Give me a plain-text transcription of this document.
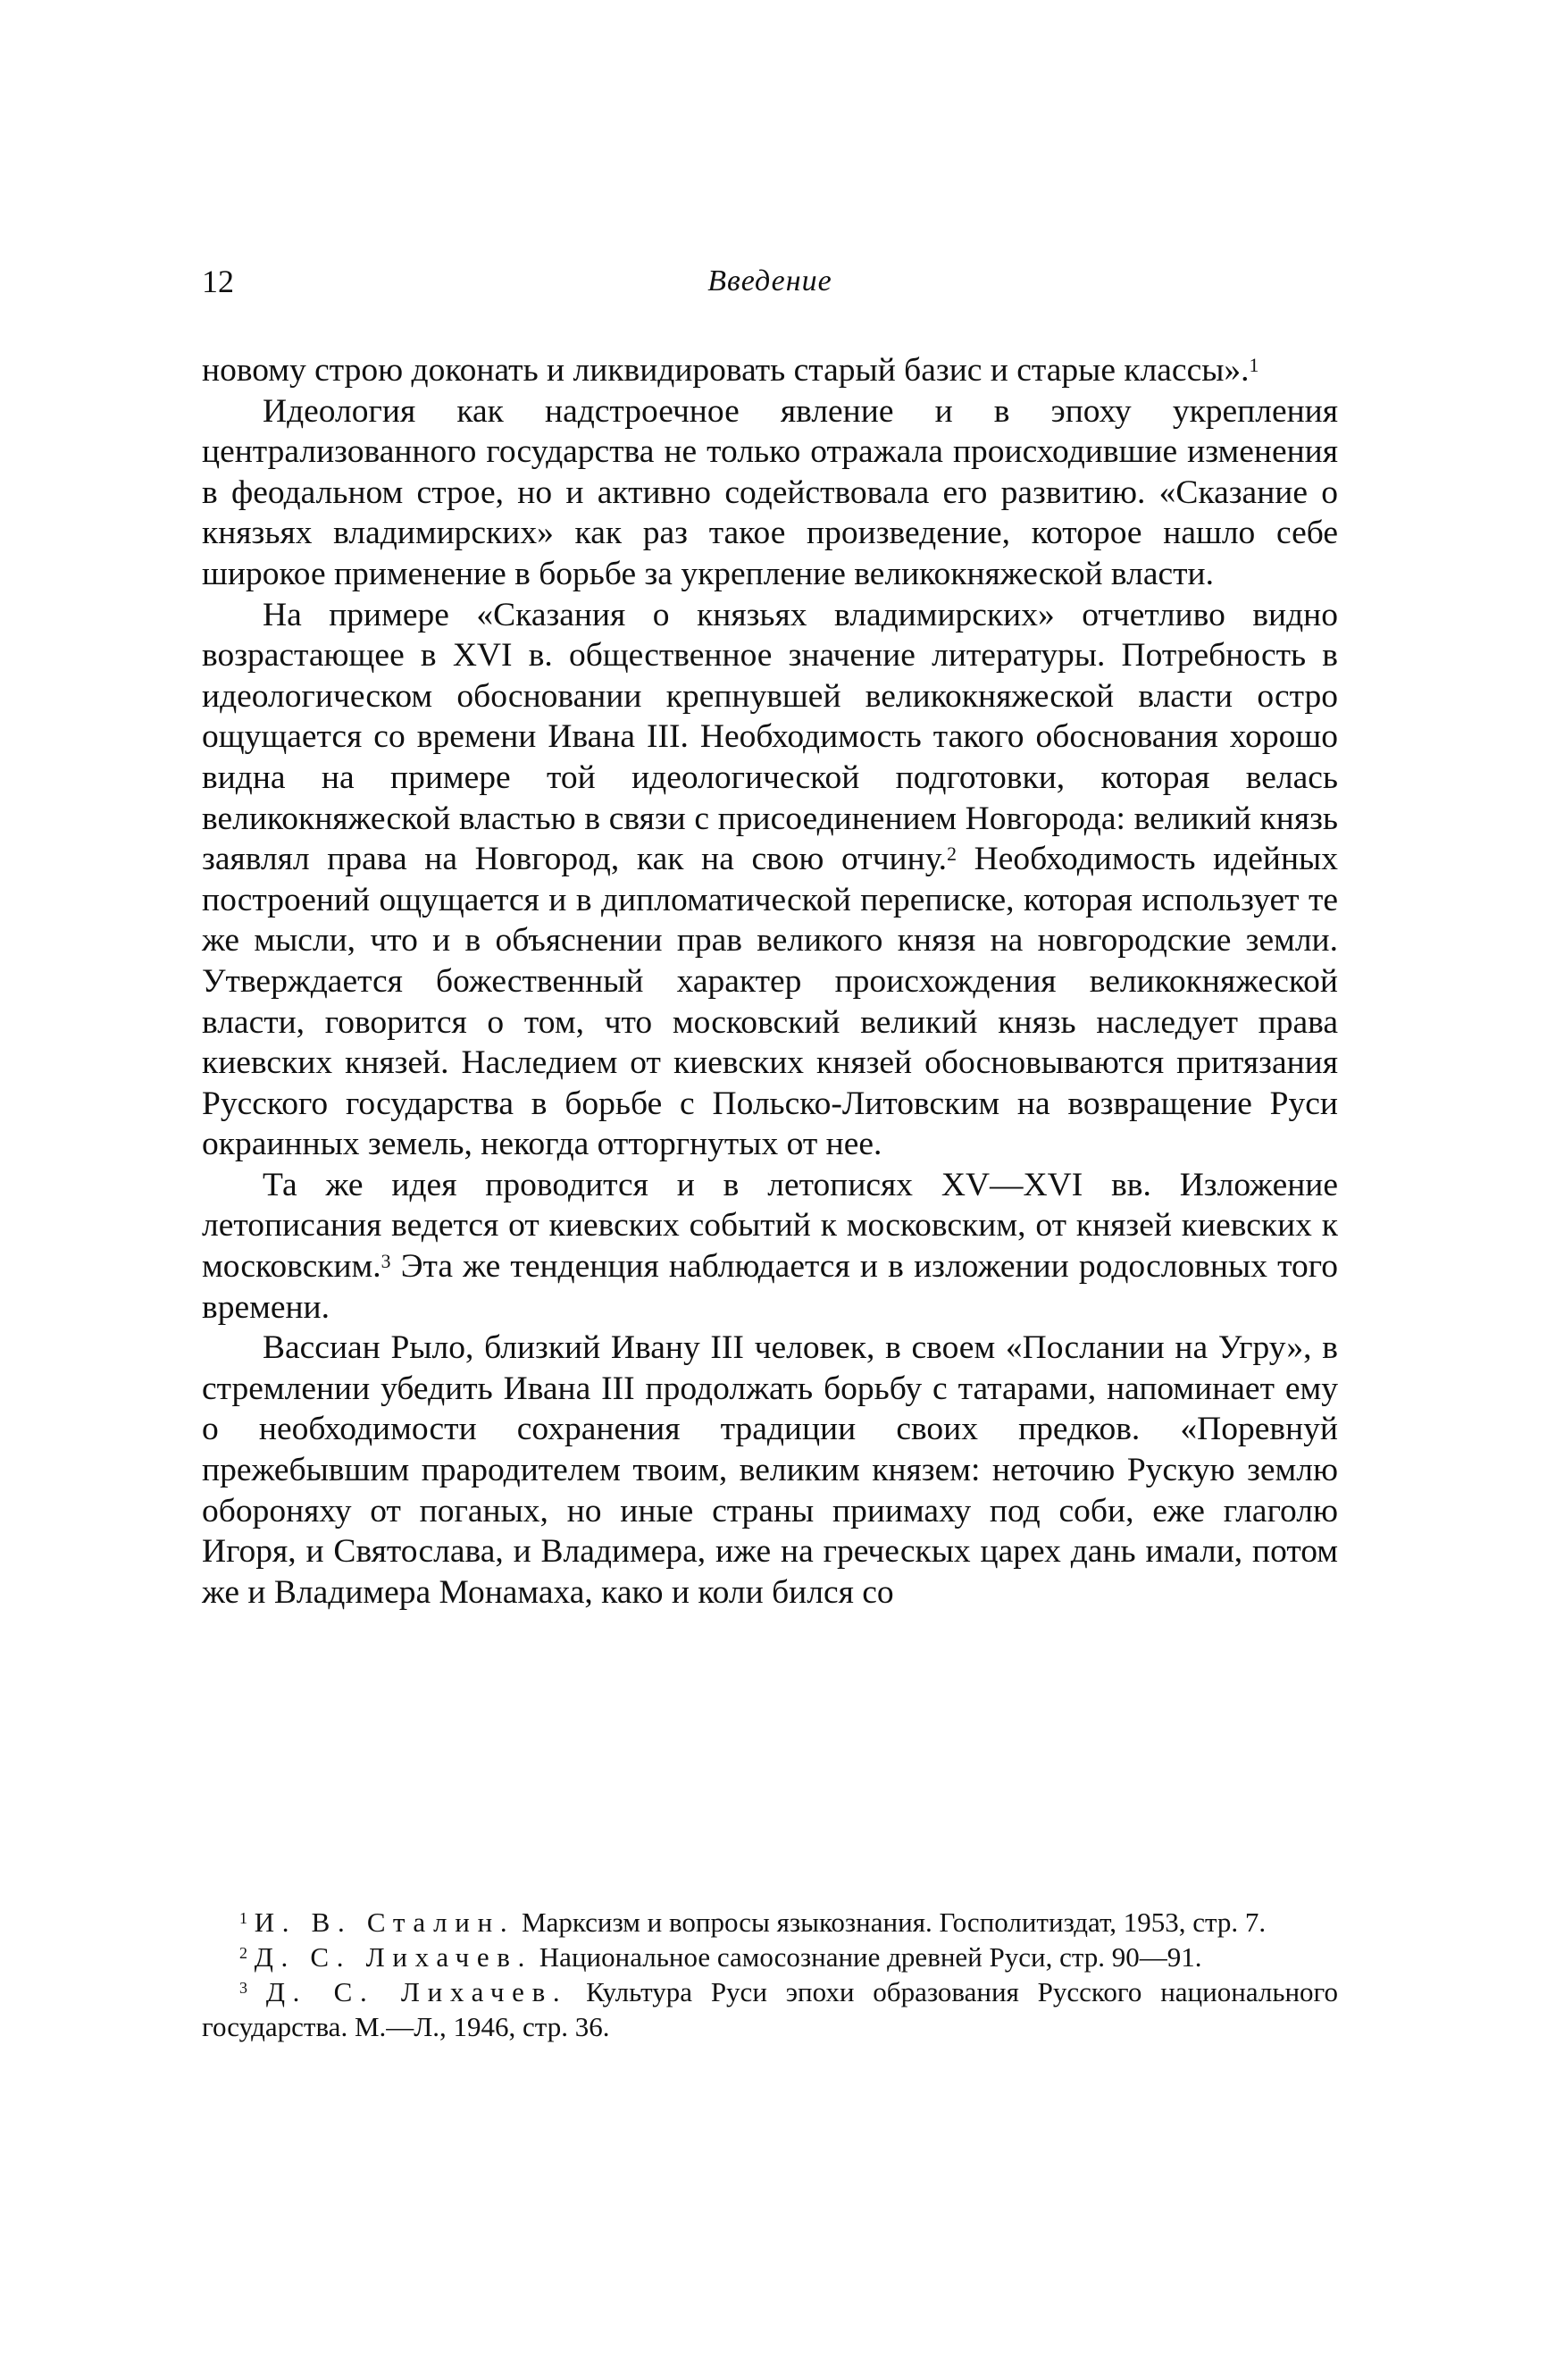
12	Введение

новому строю доконать и ликвидировать старый базис и старые классы».$^1$

Идеология как надстроечное явление и в эпоху укрепления централизованного государства не только отражала происходившие изменения в феодальном строе, но и активно содействовала его развитию. «Сказание о князьях владимирских» как раз такое произведение, которое нашло себе широкое применение в борьбе за укрепление великокняжеской власти.

На примере «Сказания о князьях владимирских» отчетливо видно возрастающее в XVI в. общественное значение литературы. Потребность в идеологическом обосновании крепнувшей великокняжеской власти остро ощущается со времени Ивана III. Необходимость такого обоснования хорошо видна на примере той идеологической подготовки, которая велась великокняжеской властью в связи с присоединением Новгорода: великий князь заявлял права на Новгород, как на свою отчину.$^2$ Необходимость идейных построений ощущается и в дипломатической переписке, которая использует те же мысли, что и в объяснении прав великого князя на новгородские земли. Утверждается божественный характер происхождения великокняжеской власти, говорится о том, что московский великий князь наследует права киевских князей. Наследием от киевских князей обосновываются притязания Русского государства в борьбе с Польско-Литовским на возвращение Руси окраинных земель, некогда отторгнутых от нее.

Та же идея проводится и в летописях XV—XVI вв. Изложение летописания ведется от киевских событий к московским, от князей киевских к московским.$^3$ Эта же тенденция наблюдается и в изложении родословных того времени.

Вассиан Рыло, близкий Ивану III человек, в своем «Послании на Угру», в стремлении убедить Ивана III продолжать борьбу с татарами, напоминает ему о необходимости сохранения традиции своих предков. «Поревнуй прежебывшим прародителем твоим, великим князем: неточию Рускую землю обороняху от поганых, но иные страны приимаху под соби, еже глаголю Игоря, и Святослава, и Владимера, иже на греческых царех дань имали, потом же и Владимера Монамаха, како и коли бился со

$^1$ И. В. Сталин. Марксизм и вопросы языкознания. Госполитиздат, 1953, стр. 7.

$^2$ Д. С. Лихачев. Национальное самосознание древней Руси, стр. 90—91.

$^3$ Д. С. Лихачев. Культура Руси эпохи образования Русского национального государства. М.—Л., 1946, стр. 36.
